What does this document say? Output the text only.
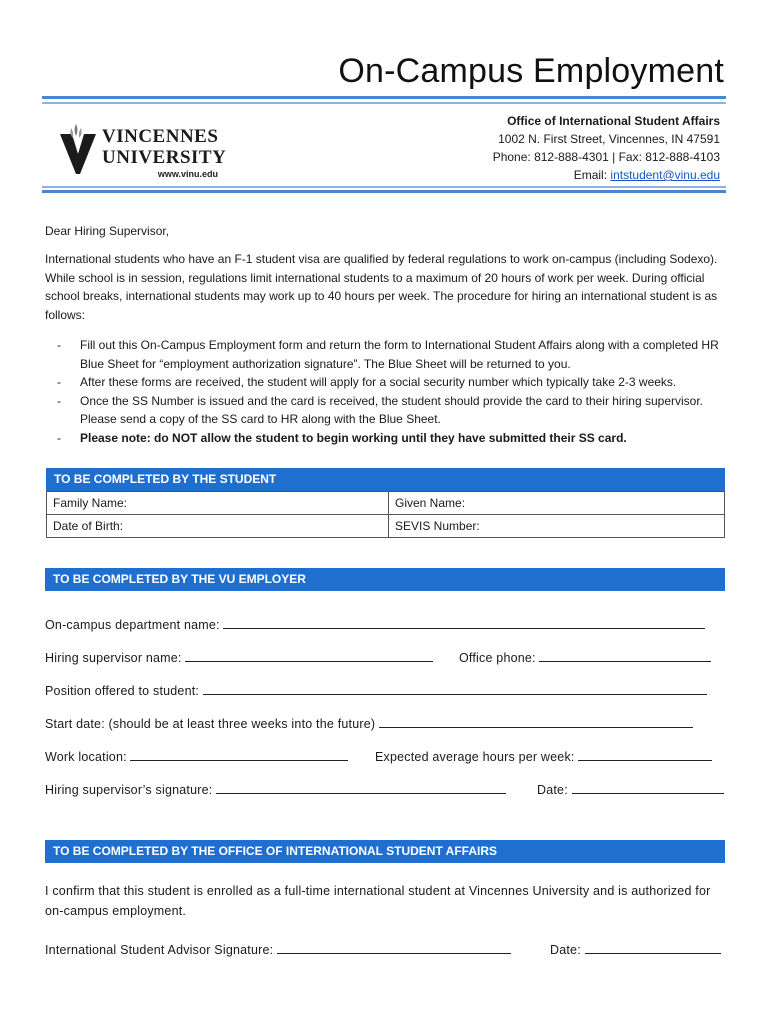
On-Campus Employment
VINCENNES
UNIVERSITY
www.vinu.edu
Office of International Student Affairs
1002 N. First Street, Vincennes, IN 47591
Phone: 812-888-4301 | Fax: 812-888-4103
Email: intstudent@vinu.edu
Dear Hiring Supervisor,
International students who have an F-1 student visa are qualified by federal regulations to work on-campus (including Sodexo). While school is in session, regulations limit international students to a maximum of 20 hours of work per week. During official school breaks, international students may work up to 40 hours per week. The procedure for hiring an international student is as follows:
- Fill out this On-Campus Employment form and return the form to International Student Affairs along with a completed HR Blue Sheet for “employment authorization signature”. The Blue Sheet will be returned to you.
- After these forms are received, the student will apply for a social security number which typically take 2-3 weeks.
- Once the SS Number is issued and the card is received, the student should provide the card to their hiring supervisor. Please send a copy of the SS card to HR along with the Blue Sheet.
- Please note: do NOT allow the student to begin working until they have submitted their SS card.
TO BE COMPLETED BY THE STUDENT
Family Name:	Given Name:
Date of Birth:	SEVIS Number:
TO BE COMPLETED BY THE VU EMPLOYER
On-campus department name:
Hiring supervisor name:	Office phone:
Position offered to student:
Start date: (should be at least three weeks into the future)
Work location:	Expected average hours per week:
Hiring supervisor’s signature:	Date:
TO BE COMPLETED BY THE OFFICE OF INTERNATIONAL STUDENT AFFAIRS
I confirm that this student is enrolled as a full-time international student at Vincennes University and is authorized for on-campus employment.
International Student Advisor Signature:	Date:
